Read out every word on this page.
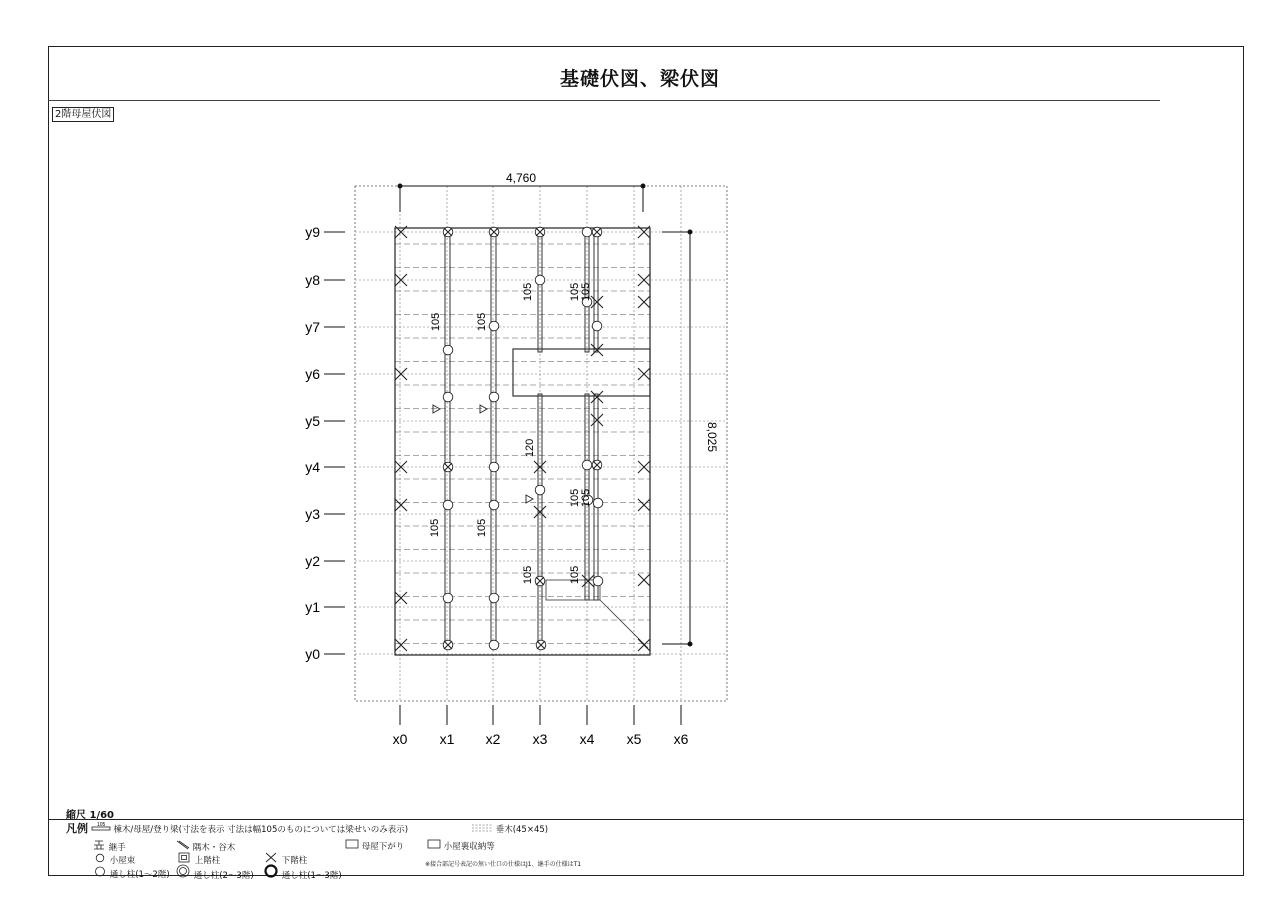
基礎伏図、梁伏図
2階母屋伏図
4,760
8,025
x0 x1 x2 x3 x4 x5 x6
y9
y8
y7
y6
y5
y4
y3
y2
y1
y0
105	105
105	105 105
120
105	105
105 105
105	105
縮尺 1/60
凡例 105 棟木/母屋/登り梁(寸法を表示 寸法は幅105のものについては梁せいのみ表示)	垂木(45×45)
継手	隅木・谷木	母屋下がり	小屋裏収納等
小屋束	上階柱	下階柱
通し柱(1～2階)	通し柱(2～3階)	通し柱(1～3階)
※接合部記号表記の無い仕口の仕様はJ1、継手の仕様はT1
